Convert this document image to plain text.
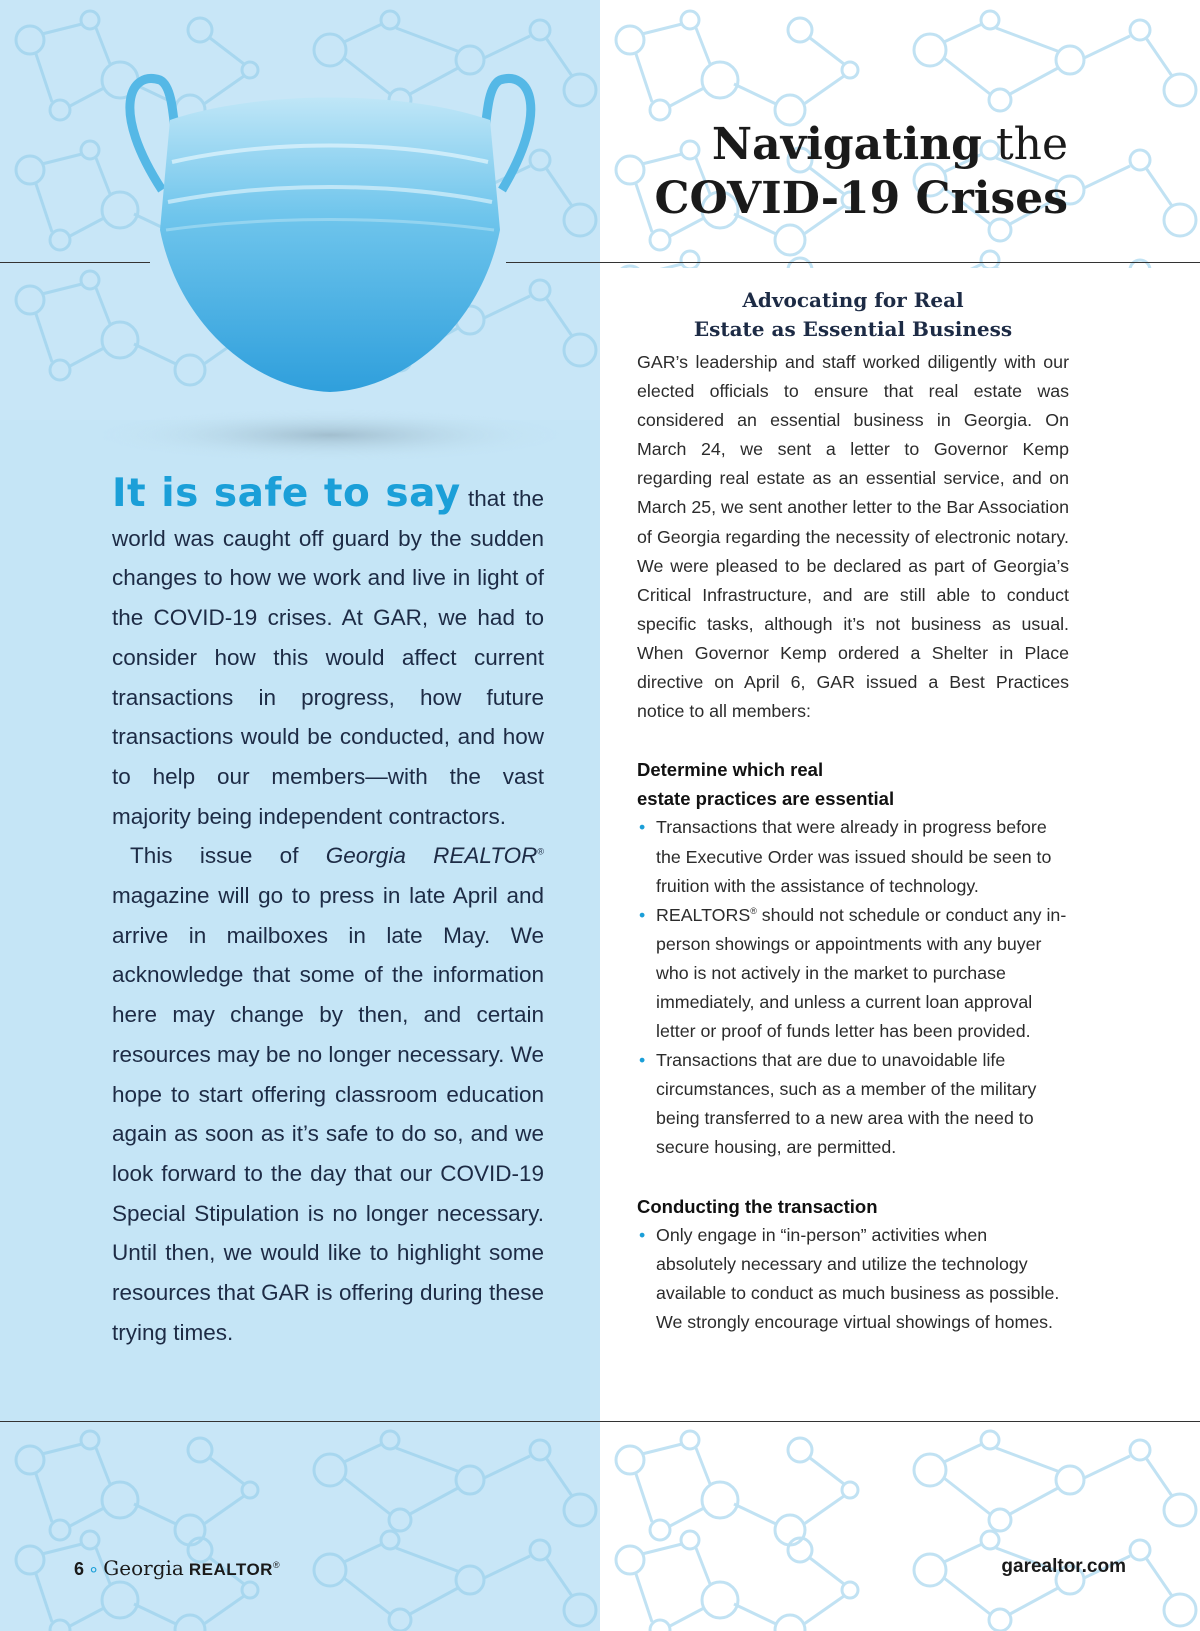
Navigating the
COVID-19 Crises

It is safe to say that the world was caught off guard by the sudden changes to how we work and live in light of the COVID-19 crises. At GAR, we had to consider how this would affect current transactions in progress, how future transactions would be conducted, and how to help our members—with the vast majority being independent contractors.

This issue of Georgia REALTOR® magazine will go to press in late April and arrive in mailboxes in late May. We acknowledge that some of the information here may change by then, and certain resources may be no longer necessary. We hope to start offering classroom education again as soon as it’s safe to do so, and we look forward to the day that our COVID-19 Special Stipulation is no longer necessary. Until then, we would like to highlight some resources that GAR is offering during these trying times.

Advocating for Real
Estate as Essential Business

GAR’s leadership and staff worked diligently with our elected officials to ensure that real estate was considered an essential business in Georgia. On March 24, we sent a letter to Governor Kemp regarding real estate as an essential service, and on March 25, we sent another letter to the Bar Association of Georgia regarding the necessity of electronic notary. We were pleased to be declared as part of Georgia’s Critical Infrastructure, and are still able to conduct specific tasks, although it’s not business as usual. When Governor Kemp ordered a Shelter in Place directive on April 6, GAR issued a Best Practices notice to all members:

Determine which real
estate practices are essential
• Transactions that were already in progress before the Executive Order was issued should be seen to fruition with the assistance of technology.
• REALTORS® should not schedule or conduct any in-person showings or appointments with any buyer who is not actively in the market to purchase immediately, and unless a current loan approval letter or proof of funds letter has been provided.
• Transactions that are due to unavoidable life circumstances, such as a member of the military being transferred to a new area with the need to secure housing, are permitted.
Conducting the transaction
• Only engage in “in-person” activities when absolutely necessary and utilize the technology available to conduct as much business as possible. We strongly encourage virtual showings of homes.
6 ∘ Georgia REALTOR®	garealtor.com
